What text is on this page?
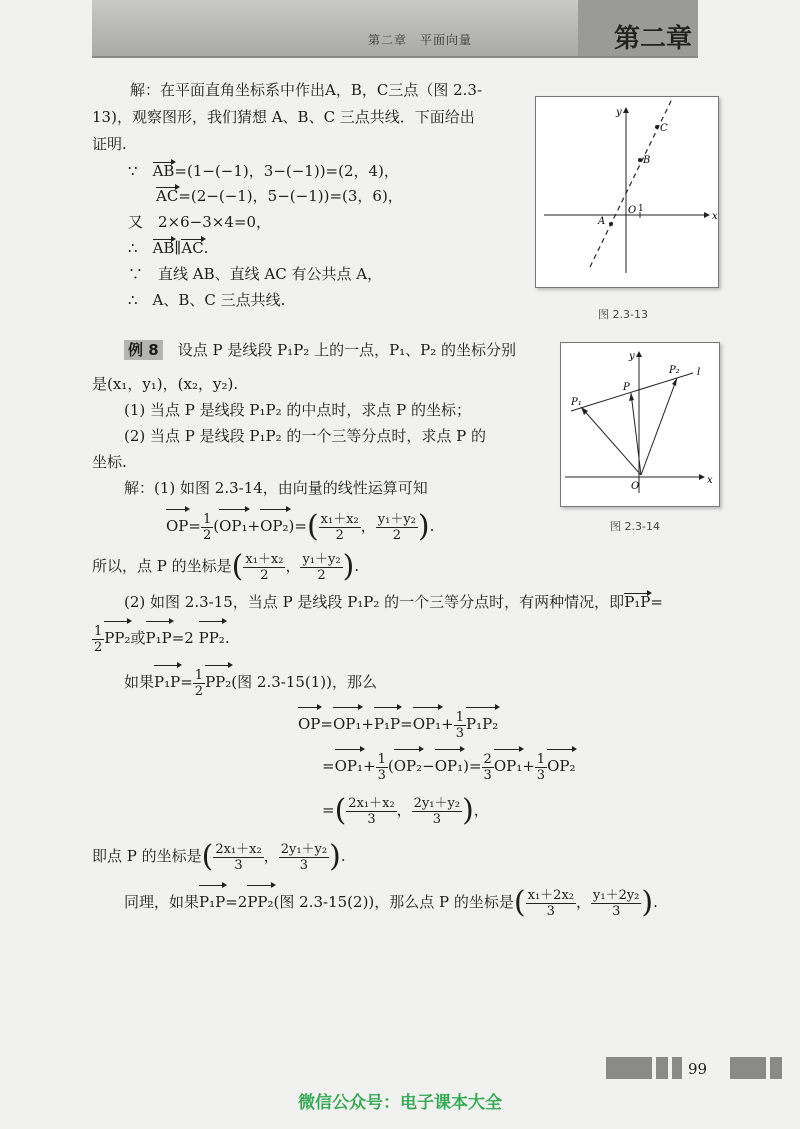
第二章　平面向量	第二章
解：在平面直角坐标系中作出A，B，C三点（图 2.3-
13)，观察图形，我们猜想 A、B、C 三点共线．下面给出
证明.
∵　 AB=(1−(−1)，3−(−1))=(2，4)，
AC=(2−(−1)，5−(−1))=(3，6)，
又　2×6−3×4=0，
∴　 AB∥AC.
∵　直线 AB、直线 AC 有公共点 A，
∴　A、B、C 三点共线.
x
y
O 1
A
B
C
图 2.3-13
例 8　 设点 P 是线段 P₁P₂ 上的一点，P₁、P₂ 的坐标分别
是(x₁，y₁)，(x₂，y₂).
(1) 当点 P 是线段 P₁P₂ 的中点时，求点 P 的坐标；
(2) 当点 P 是线段 P₁P₂ 的一个三等分点时，求点 P 的
坐标.
解：(1) 如图 2.3-14，由向量的线性运算可知
$OP= \frac{1}{2} (OP_1+OP_2)=( \frac{\text{x₁＋x₂}}{2}$ ， $\frac{\text{y₁＋y₂}}{2}$ ).
x
y
O
P
P₁
P₂ l
图 2.3-14
所以，点 P 的坐标是( $\frac{\text{x₁＋x₂}}{2}$ ， $\frac{\text{y₁＋y₂}}{2}$ ).
(2) 如图 2.3-15，当点 P 是线段 P₁P₂ 的一个三等分点时，有两种情况，即P₁P=
$\frac{1}{2} PP_2$或P₁P=2 PP₂.
如果$P_1P= \frac{1}{2} PP_2$(图 2.3-15(1))，那么
$OP=OP_1+P_1P=OP_1+ \frac{1}{3} P_1P_2$
$=OP_1+ \frac{1}{3} (OP_2-OP_1)= \frac{2}{3} OP_1+ \frac{1}{3} OP_2$
=( $\frac{\text{2x₁＋x₂}}{3}$ ， $\frac{\text{2y₁＋y₂}}{3}$ )，
即点 P 的坐标是( $\frac{\text{2x₁＋x₂}}{3}$ ， $\frac{\text{2y₁＋y₂}}{3}$ ).
同理，如果P₁P=2PP₂(图 2.3-15(2))，那么点 P 的坐标是( $\frac{\text{x₁＋2x₂}}{3}$ ， $\frac{\text{y₁＋2y₂}}{3}$ ).
99
微信公众号：电子课本大全
